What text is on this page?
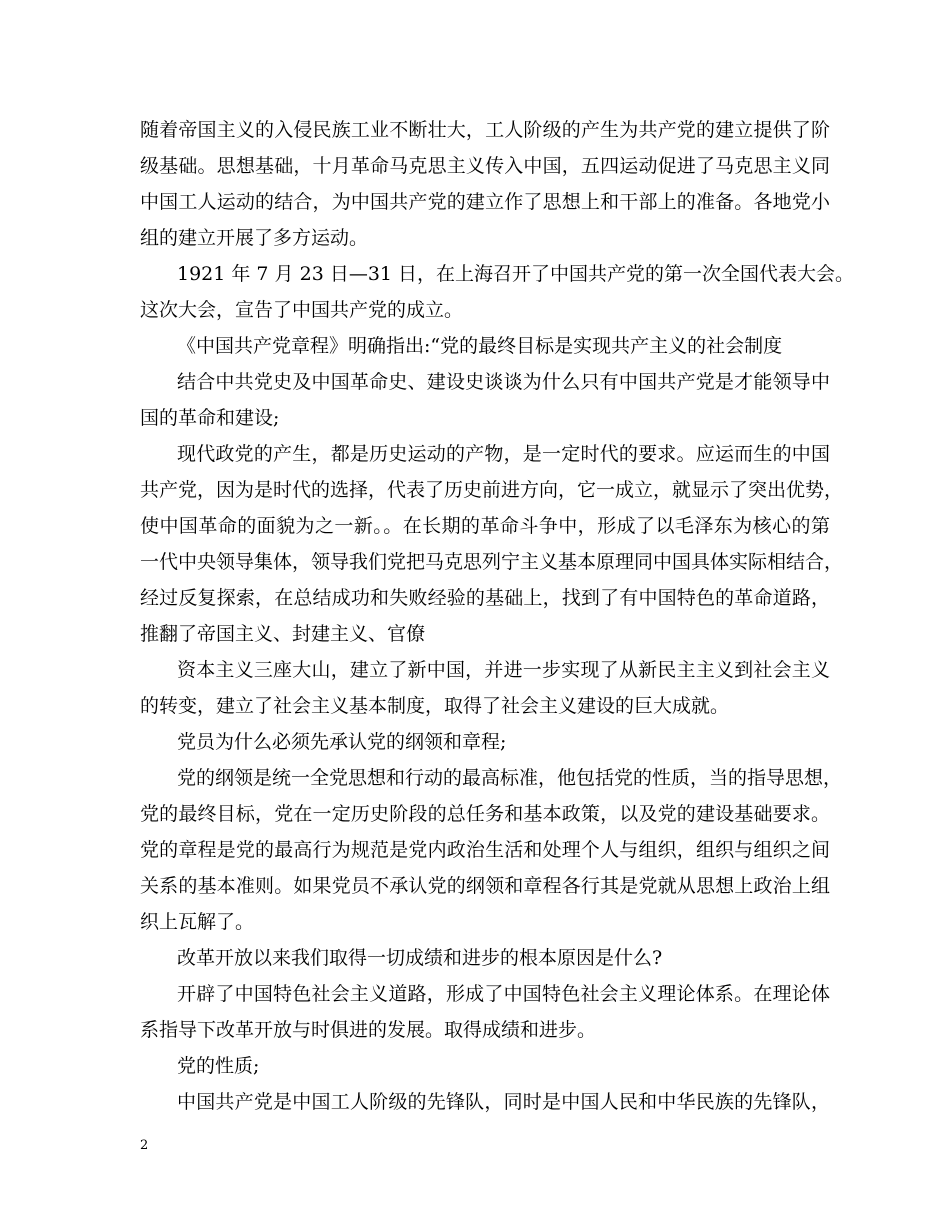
随着帝国主义的入侵民族工业不断壮大，工人阶级的产生为共产党的建立提供了阶
级基础。思想基础，十月革命马克思主义传入中国，五四运动促进了马克思主义同
中国工人运动的结合，为中国共产党的建立作了思想上和干部上的准备。各地党小
组的建立开展了多方运动。
1921 年 7 月 23 日—31 日，在上海召开了中国共产党的第一次全国代表大会。
这次大会，宣告了中国共产党的成立。
《中国共产党章程》明确指出:“党的最终目标是实现共产主义的社会制度
结合中共党史及中国革命史、建设史谈谈为什么只有中国共产党是才能领导中
国的革命和建设;
现代政党的产生，都是历史运动的产物，是一定时代的要求。应运而生的中国
共产党，因为是时代的选择，代表了历史前进方向，它一成立，就显示了突出优势，
使中国革命的面貌为之一新。。在长期的革命斗争中，形成了以毛泽东为核心的第
一代中央领导集体，领导我们党把马克思列宁主义基本原理同中国具体实际相结合，
经过反复探索，在总结成功和失败经验的基础上，找到了有中国特色的革命道路，
推翻了帝国主义、封建主义、官僚
资本主义三座大山，建立了新中国，并进一步实现了从新民主主义到社会主义
的转变，建立了社会主义基本制度，取得了社会主义建设的巨大成就。
党员为什么必须先承认党的纲领和章程;
党的纲领是统一全党思想和行动的最高标准，他包括党的性质，当的指导思想，
党的最终目标，党在一定历史阶段的总任务和基本政策，以及党的建设基础要求。
党的章程是党的最高行为规范是党内政治生活和处理个人与组织，组织与组织之间
关系的基本准则。如果党员不承认党的纲领和章程各行其是党就从思想上政治上组
织上瓦解了。
改革开放以来我们取得一切成绩和进步的根本原因是什么?
开辟了中国特色社会主义道路，形成了中国特色社会主义理论体系。在理论体
系指导下改革开放与时俱进的发展。取得成绩和进步。
党的性质;
中国共产党是中国工人阶级的先锋队，同时是中国人民和中华民族的先锋队，
2
